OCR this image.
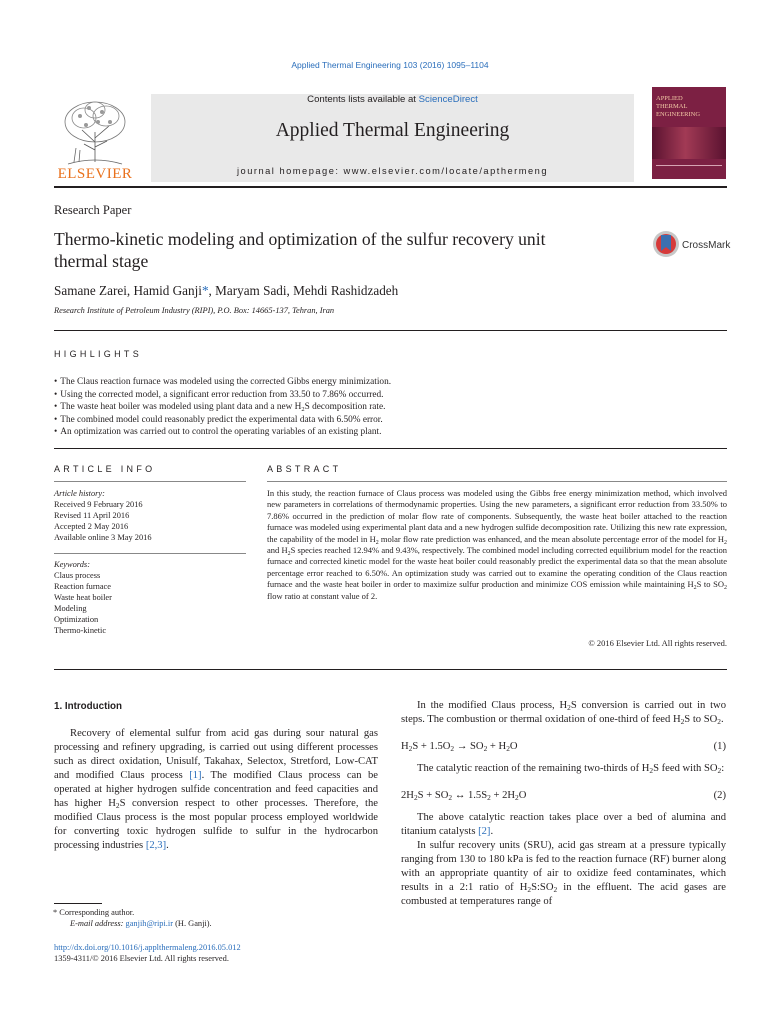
Applied Thermal Engineering 103 (2016) 1095–1104
ELSEVIER
Contents lists available at ScienceDirect
Applied Thermal Engineering
journal homepage: www.elsevier.com/locate/apthermeng
APPLIED
THERMAL
ENGINEERING
Research Paper
Thermo-kinetic modeling and optimization of the sulfur recovery unit
thermal stage
CrossMark
Samane Zarei, Hamid Ganji*, Maryam Sadi, Mehdi Rashidzadeh
Research Institute of Petroleum Industry (RIPI), P.O. Box: 14665-137, Tehran, Iran
HIGHLIGHTS
• The Claus reaction furnace was modeled using the corrected Gibbs energy minimization.
• Using the corrected model, a significant error reduction from 33.50 to 7.86% occurred.
• The waste heat boiler was modeled using plant data and a new $H_2S$ decomposition rate.
• The combined model could reasonably predict the experimental data with 6.50% error.
• An optimization was carried out to control the operating variables of an existing plant.
ARTICLE INFO
Article history:
Received 9 February 2016
Revised 11 April 2016
Accepted 2 May 2016
Available online 3 May 2016
Keywords:
Claus process
Reaction furnace
Waste heat boiler
Modeling
Optimization
Thermo-kinetic
ABSTRACT
In this study, the reaction furnace of Claus process was modeled using the Gibbs free energy minimization method, which involved new parameters in correlations of thermodynamic properties. Using the new parameters, a significant error reduction from 33.50% to 7.86% occurred in the prediction of molar flow rate of components. Subsequently, the waste heat boiler attached to the reaction furnace was modeled using experimental plant data and a new hydrogen sulfide decomposition rate. Utilizing this new rate expression, the capability of the model in $H_2$ molar flow rate prediction was enhanced, and the mean absolute percentage error of the model for $H_2$ and $H_2S$ species reached 12.94% and 9.43%, respectively. The combined model including corrected equilibrium model for the reaction furnace and corrected kinetic model for the waste heat boiler could reasonably predict the experimental data so that the mean absolute percentage error reached to 6.50%. An optimization study was carried out to examine the operating condition of the Claus reaction furnace and the waste heat boiler in order to maximize sulfur production and minimize COS emission while maintaining $H_2S$ to $SO_2$ flow ratio at constant value of 2.
© 2016 Elsevier Ltd. All rights reserved.
1. Introduction

Recovery of elemental sulfur from acid gas during sour natural gas processing and refinery upgrading, is carried out using different processes such as direct oxidation, Unisulf, Takahax, Selectox, Stretford, Low-CAT and modified Claus process [1]. The modified Claus process can be operated at higher hydrogen sulfide concentration and feed capacities and has higher $H_2S$ conversion respect to other processes. Therefore, the modified Claus process is the most popular process employed worldwide for converting toxic hydrogen sulfide to sulfur in the hydrocarbon processing industries [2,3].

In the modified Claus process, $H_2S$ conversion is carried out in two steps. The combustion or thermal oxidation of one-third of feed $H_2S$ to $SO_2$.

$H_2S + 1.5O_2 \to SO_2 + H_2O$	(1)

The catalytic reaction of the remaining two-thirds of $H_2S$ feed with $SO_2$:

$2H_2S + SO_2$ ↔ $1.5S_2 + 2H_2O$	(2)

The above catalytic reaction takes place over a bed of alumina and titanium catalysts [2].

In sulfur recovery units (SRU), acid gas stream at a pressure typically ranging from 130 to 180 kPa is fed to the reaction furnace (RF) burner along with an appropriate quantity of air to oxidize feed contaminates, which results in a 2:1 ratio of $H_2S:SO_2$ in the effluent. The acid gases are combusted at temperatures range of

* Corresponding author.
E-mail address: ganjih@ripi.ir (H. Ganji).
http://dx.doi.org/10.1016/j.applthermaleng.2016.05.012
1359-4311/© 2016 Elsevier Ltd. All rights reserved.
